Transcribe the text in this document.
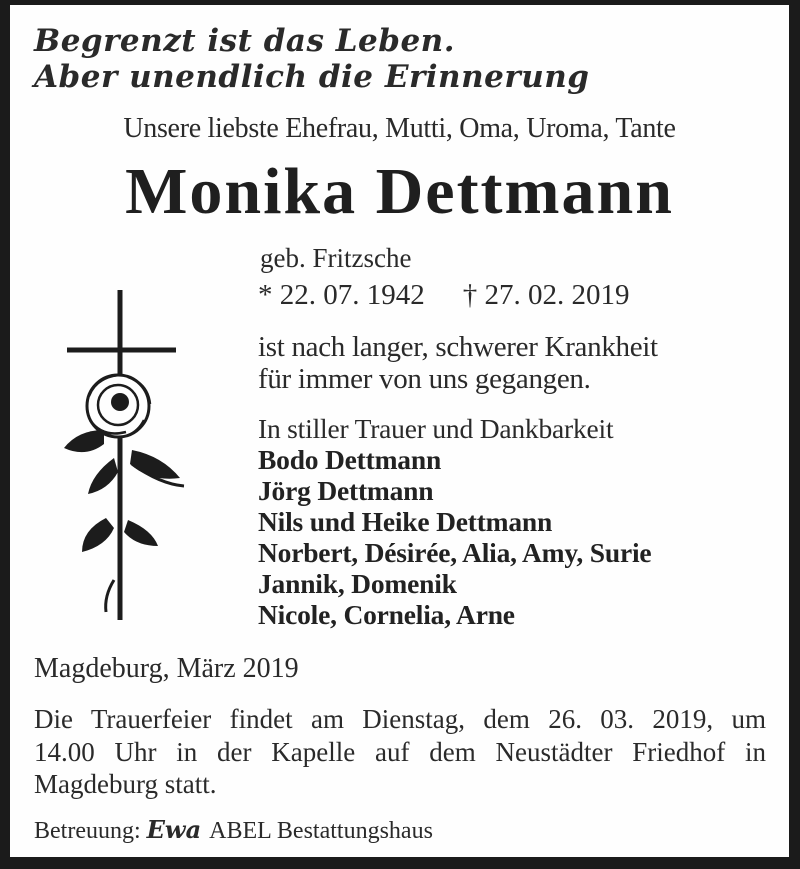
Begrenzt ist das Leben.
Aber unendlich die Erinnerung
Unsere liebste Ehefrau, Mutti, Oma, Uroma, Tante
Monika Dettmann
geb. Fritzsche
* 22. 07. 1942 † 27. 02. 2019
ist nach langer, schwerer Krankheit
für immer von uns gegangen.
In stiller Trauer und Dankbarkeit
Bodo Dettmann
Jörg Dettmann
Nils und Heike Dettmann
Norbert, Désirée, Alia, Amy, Surie
Jannik, Domenik
Nicole, Cornelia, Arne
Magdeburg, März 2019
Die Trauerfeier findet am Dienstag, dem 26. 03. 2019, um
14.00 Uhr in der Kapelle auf dem Neustädter Friedhof in
Magdeburg statt.
Betreuung: Ewa ABEL Bestattungshaus
